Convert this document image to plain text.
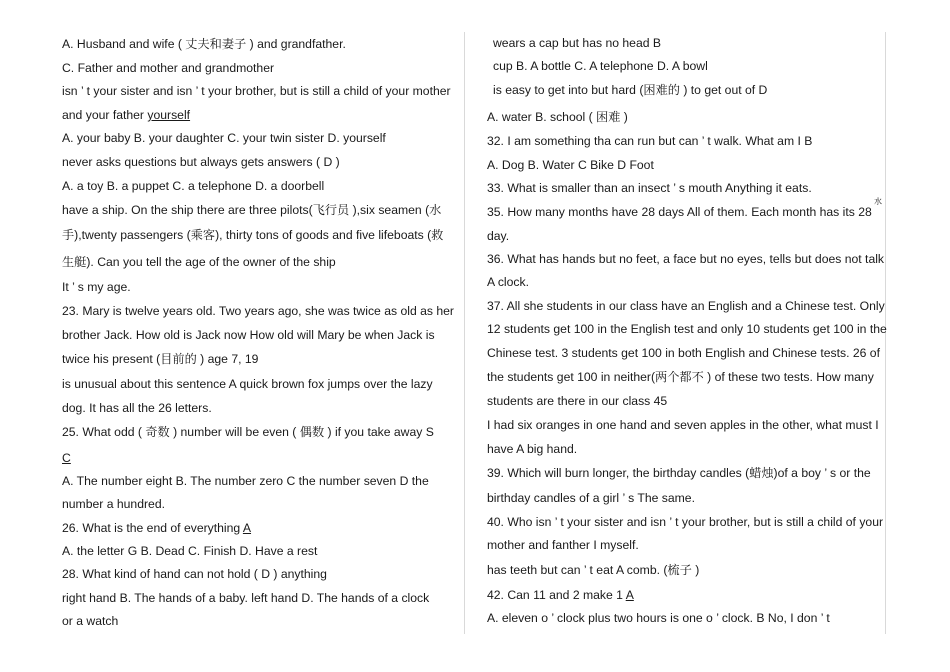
A. Husband and wife ( 丈夫和妻子 ) and grandfather.
C. Father and mother and grandmother
isn ’ t your sister and isn ’ t your brother, but is still a child of your mother
and your father yourself
A. your baby B. your daughter C. your twin sister D. yourself
never asks questions but always gets answers ( D )
A. a toy B. a puppet C. a telephone D. a doorbell
have a ship. On the ship there are three pilots(飞行员 ),six seamen (水
手),twenty passengers (乘客), thirty tons of goods and five lifeboats (救
生艇). Can you tell the age of the owner of the ship
It ’ s my age.
23. Mary is twelve years old. Two years ago, she was twice as old as her
brother Jack. How old is Jack now How old will Mary be when Jack is
twice his present (目前的 ) age 7, 19
is unusual about this sentence A quick brown fox jumps over the lazy
dog. It has all the 26 letters.
25. What odd ( 奇数 ) number will be even ( 偶数 ) if you take away S
C
A. The number eight B. The number zero C the number seven D the
number a hundred.
26. What is the end of everything A
A. the letter G B. Dead C. Finish D. Have a rest
28. What kind of hand can not hold ( D ) anything
right hand B. The hands of a baby. left hand D. The hands of a clock
or a watch
wears a cap but has no head B
cup B. A bottle C. A telephone D. A bowl
is easy to get into but hard (困难的 ) to get out of D
A. water B. school ( 困难 )
32. I am something tha can run but can ’ t walk. What am I B
A. Dog B. Water C Bike D Foot
33. What is smaller than an insect ’ s mouth Anything it eats.
35. How many months have 28 days All of them. Each month has its 28
day.
36. What has hands but no feet, a face but no eyes, tells but does not talk
A clock.
37. All she students in our class have an English and a Chinese test. Only
12 students get 100 in the English test and only 10 students get 100 in the
Chinese test. 3 students get 100 in both English and Chinese tests. 26 of
the students get 100 in neither(两个都不 ) of these two tests. How many
students are there in our class 45
I had six oranges in one hand and seven apples in the other, what must I
have A big hand.
39. Which will burn longer, the birthday candles (蜡烛)of a boy ’ s or the
birthday candles of a girl ’ s The same.
40. Who isn ’ t your sister and isn ’ t your brother, but is still a child of your
mother and fanther I myself.
has teeth but can ’ t eat A comb. (梳子 )
42. Can 11 and 2 make 1 A
A. eleven o ’ clock plus two hours is one o ’ clock. B No, I don ’ t
水
